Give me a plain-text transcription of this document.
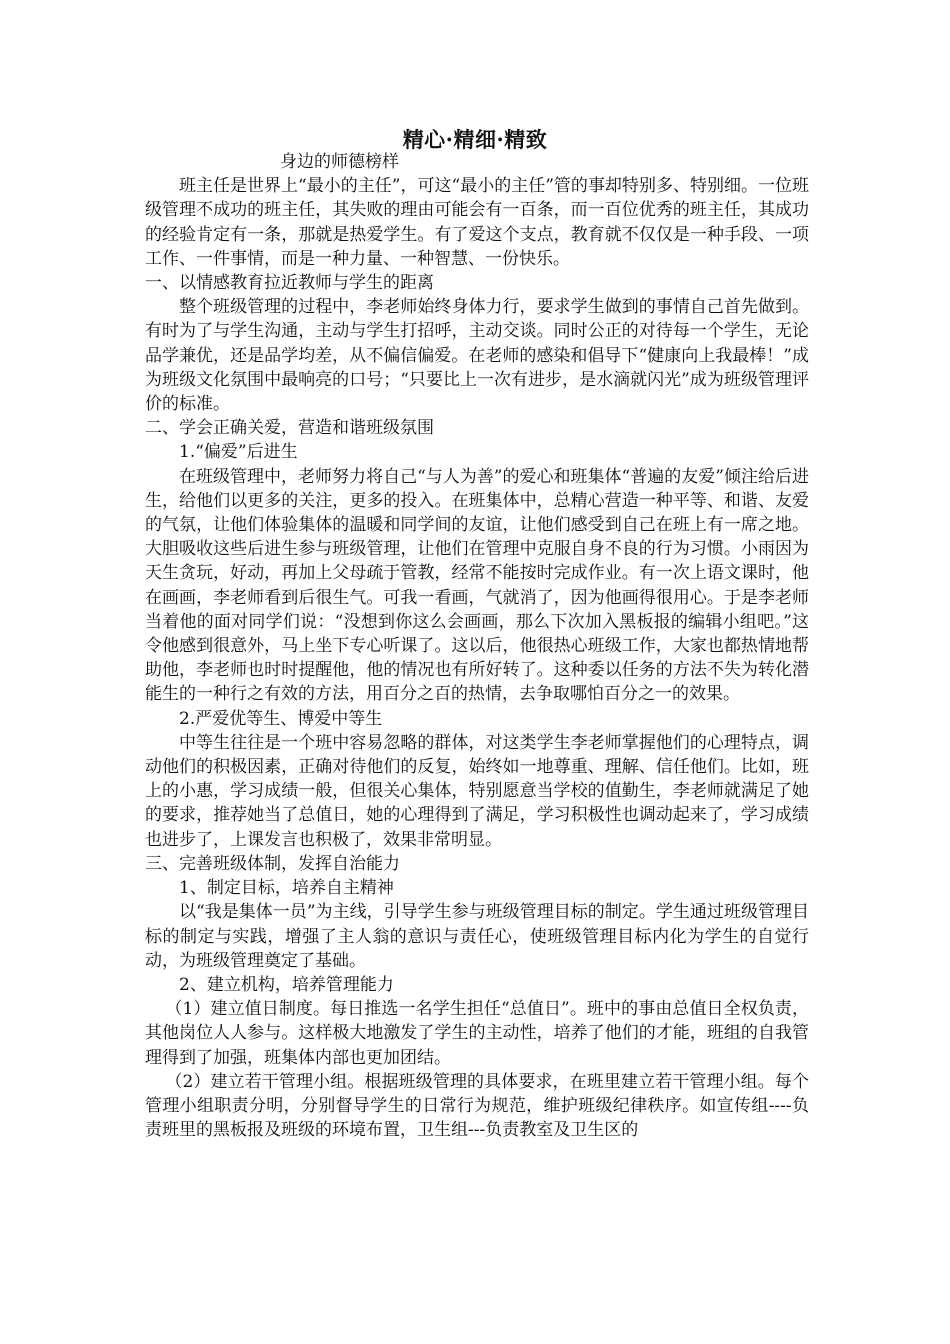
精心·精细·精致

身边的师德榜样

班主任是世界上“最小的主任”，可这“最小的主任”管的事却特别多、特别细。一位班级管理不成功的班主任，其失败的理由可能会有一百条，而一百位优秀的班主任，其成功的经验肯定有一条，那就是热爱学生。有了爱这个支点，教育就不仅仅是一种手段、一项工作、一件事情，而是一种力量、一种智慧、一份快乐。

一、以情感教育拉近教师与学生的距离

整个班级管理的过程中，李老师始终身体力行，要求学生做到的事情自己首先做到。有时为了与学生沟通，主动与学生打招呼，主动交谈。同时公正的对待每一个学生，无论品学兼优，还是品学均差，从不偏信偏爱。在老师的感染和倡导下“健康向上我最棒！”成为班级文化氛围中最响亮的口号；“只要比上一次有进步，是水滴就闪光”成为班级管理评价的标准。

二、学会正确关爱，营造和谐班级氛围

1.“偏爱”后进生

在班级管理中，老师努力将自己“与人为善”的爱心和班集体“普遍的友爱”倾注给后进生，给他们以更多的关注，更多的投入。在班集体中，总精心营造一种平等、和谐、友爱的气氛，让他们体验集体的温暖和同学间的友谊，让他们感受到自己在班上有一席之地。大胆吸收这些后进生参与班级管理，让他们在管理中克服自身不良的行为习惯。小雨因为天生贪玩，好动，再加上父母疏于管教，经常不能按时完成作业。有一次上语文课时，他在画画，李老师看到后很生气。可我一看画，气就消了，因为他画得很用心。于是李老师当着他的面对同学们说：“没想到你这么会画画，那么下次加入黑板报的编辑小组吧。”这令他感到很意外，马上坐下专心听课了。这以后，他很热心班级工作，大家也都热情地帮助他，李老师也时时提醒他，他的情况也有所好转了。这种委以任务的方法不失为转化潜能生的一种行之有效的方法，用百分之百的热情，去争取哪怕百分之一的效果。

2.严爱优等生、博爱中等生

中等生往往是一个班中容易忽略的群体，对这类学生李老师掌握他们的心理特点，调动他们的积极因素，正确对待他们的反复，始终如一地尊重、理解、信任他们。比如，班上的小惠，学习成绩一般，但很关心集体，特别愿意当学校的值勤生，李老师就满足了她的要求，推荐她当了总值日，她的心理得到了满足，学习积极性也调动起来了，学习成绩也进步了，上课发言也积极了，效果非常明显。

三、完善班级体制，发挥自治能力

1、制定目标，培养自主精神

以“我是集体一员”为主线，引导学生参与班级管理目标的制定。学生通过班级管理目标的制定与实践，增强了主人翁的意识与责任心，使班级管理目标内化为学生的自觉行动，为班级管理奠定了基础。

2、建立机构，培养管理能力

（1）建立值日制度。每日推选一名学生担任“总值日”。班中的事由总值日全权负责，其他岗位人人参与。这样极大地激发了学生的主动性，培养了他们的才能，班组的自我管理得到了加强，班集体内部也更加团结。

（2）建立若干管理小组。根据班级管理的具体要求，在班里建立若干管理小组。每个管理小组职责分明，分别督导学生的日常行为规范，维护班级纪律秩序。如宣传组----负责班里的黑板报及班级的环境布置，卫生组---负责教室及卫生区的
